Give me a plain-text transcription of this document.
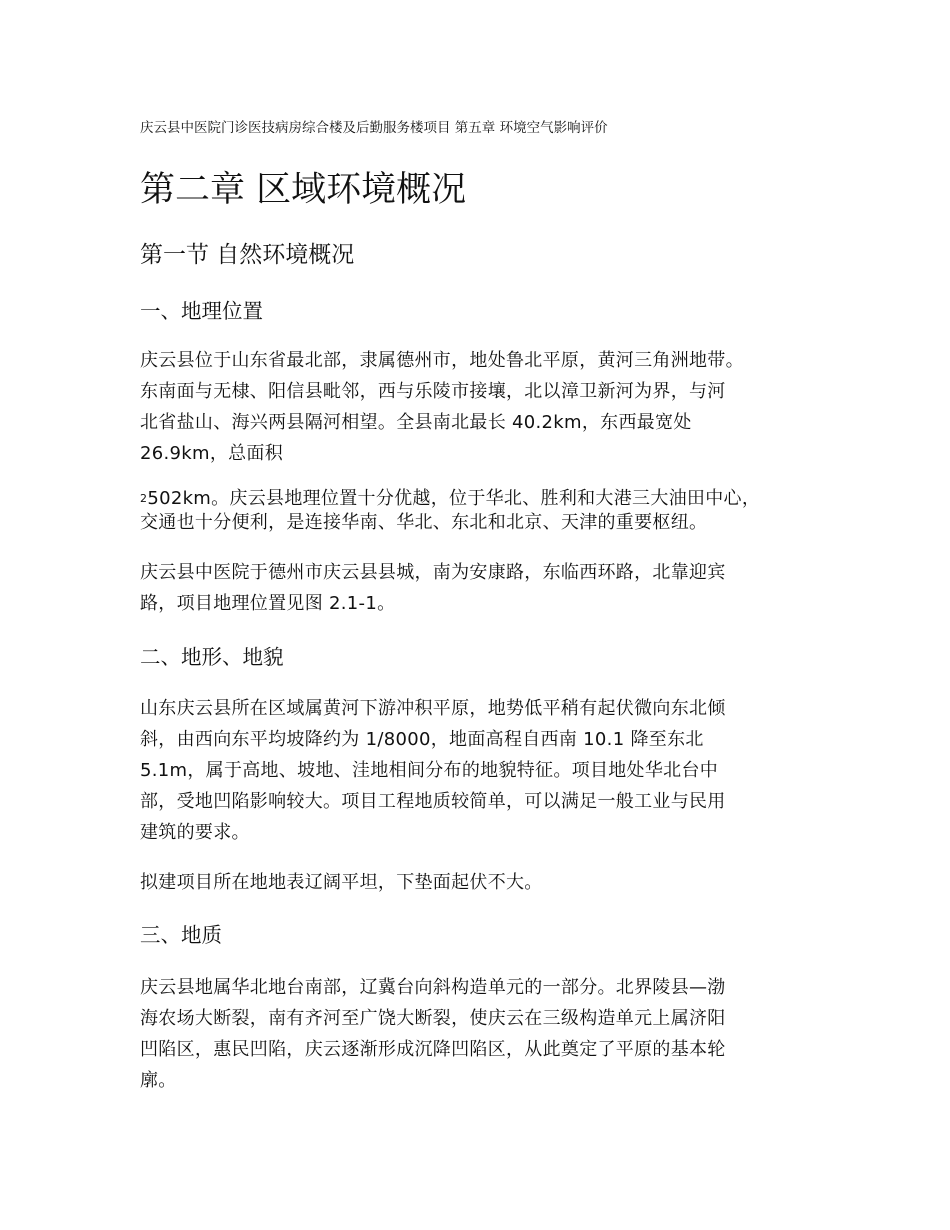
庆云县中医院门诊医技病房综合楼及后勤服务楼项目 第五章 环境空气影响评价
第二章 区域环境概况
第一节 自然环境概况
一、地理位置

庆云县位于山东省最北部，隶属德州市，地处鲁北平原，黄河三角洲地带。
东南面与无棣、阳信县毗邻，西与乐陵市接壤，北以漳卫新河为界，与河
北省盐山、海兴两县隔河相望。全县南北最长 40.2km，东西最宽处
26.9km，总面积

2502km。庆云县地理位置十分优越，位于华北、胜利和大港三大油田中心，
交通也十分便利，是连接华南、华北、东北和北京、天津的重要枢纽。

庆云县中医院于德州市庆云县县城，南为安康路，东临西环路，北靠迎宾
路，项目地理位置见图 2.1-1。

二、地形、地貌

山东庆云县所在区域属黄河下游冲积平原，地势低平稍有起伏微向东北倾
斜，由西向东平均坡降约为 1/8000，地面高程自西南 10.1 降至东北
5.1m，属于高地、坡地、洼地相间分布的地貌特征。项目地处华北台中
部，受地凹陷影响较大。项目工程地质较简单，可以满足一般工业与民用
建筑的要求。

拟建项目所在地地表辽阔平坦，下垫面起伏不大。

三、地质

庆云县地属华北地台南部，辽冀台向斜构造单元的一部分。北界陵县—渤
海农场大断裂，南有齐河至广饶大断裂，使庆云在三级构造单元上属济阳
凹陷区，惠民凹陷，庆云逐渐形成沉降凹陷区，从此奠定了平原的基本轮
廓。
